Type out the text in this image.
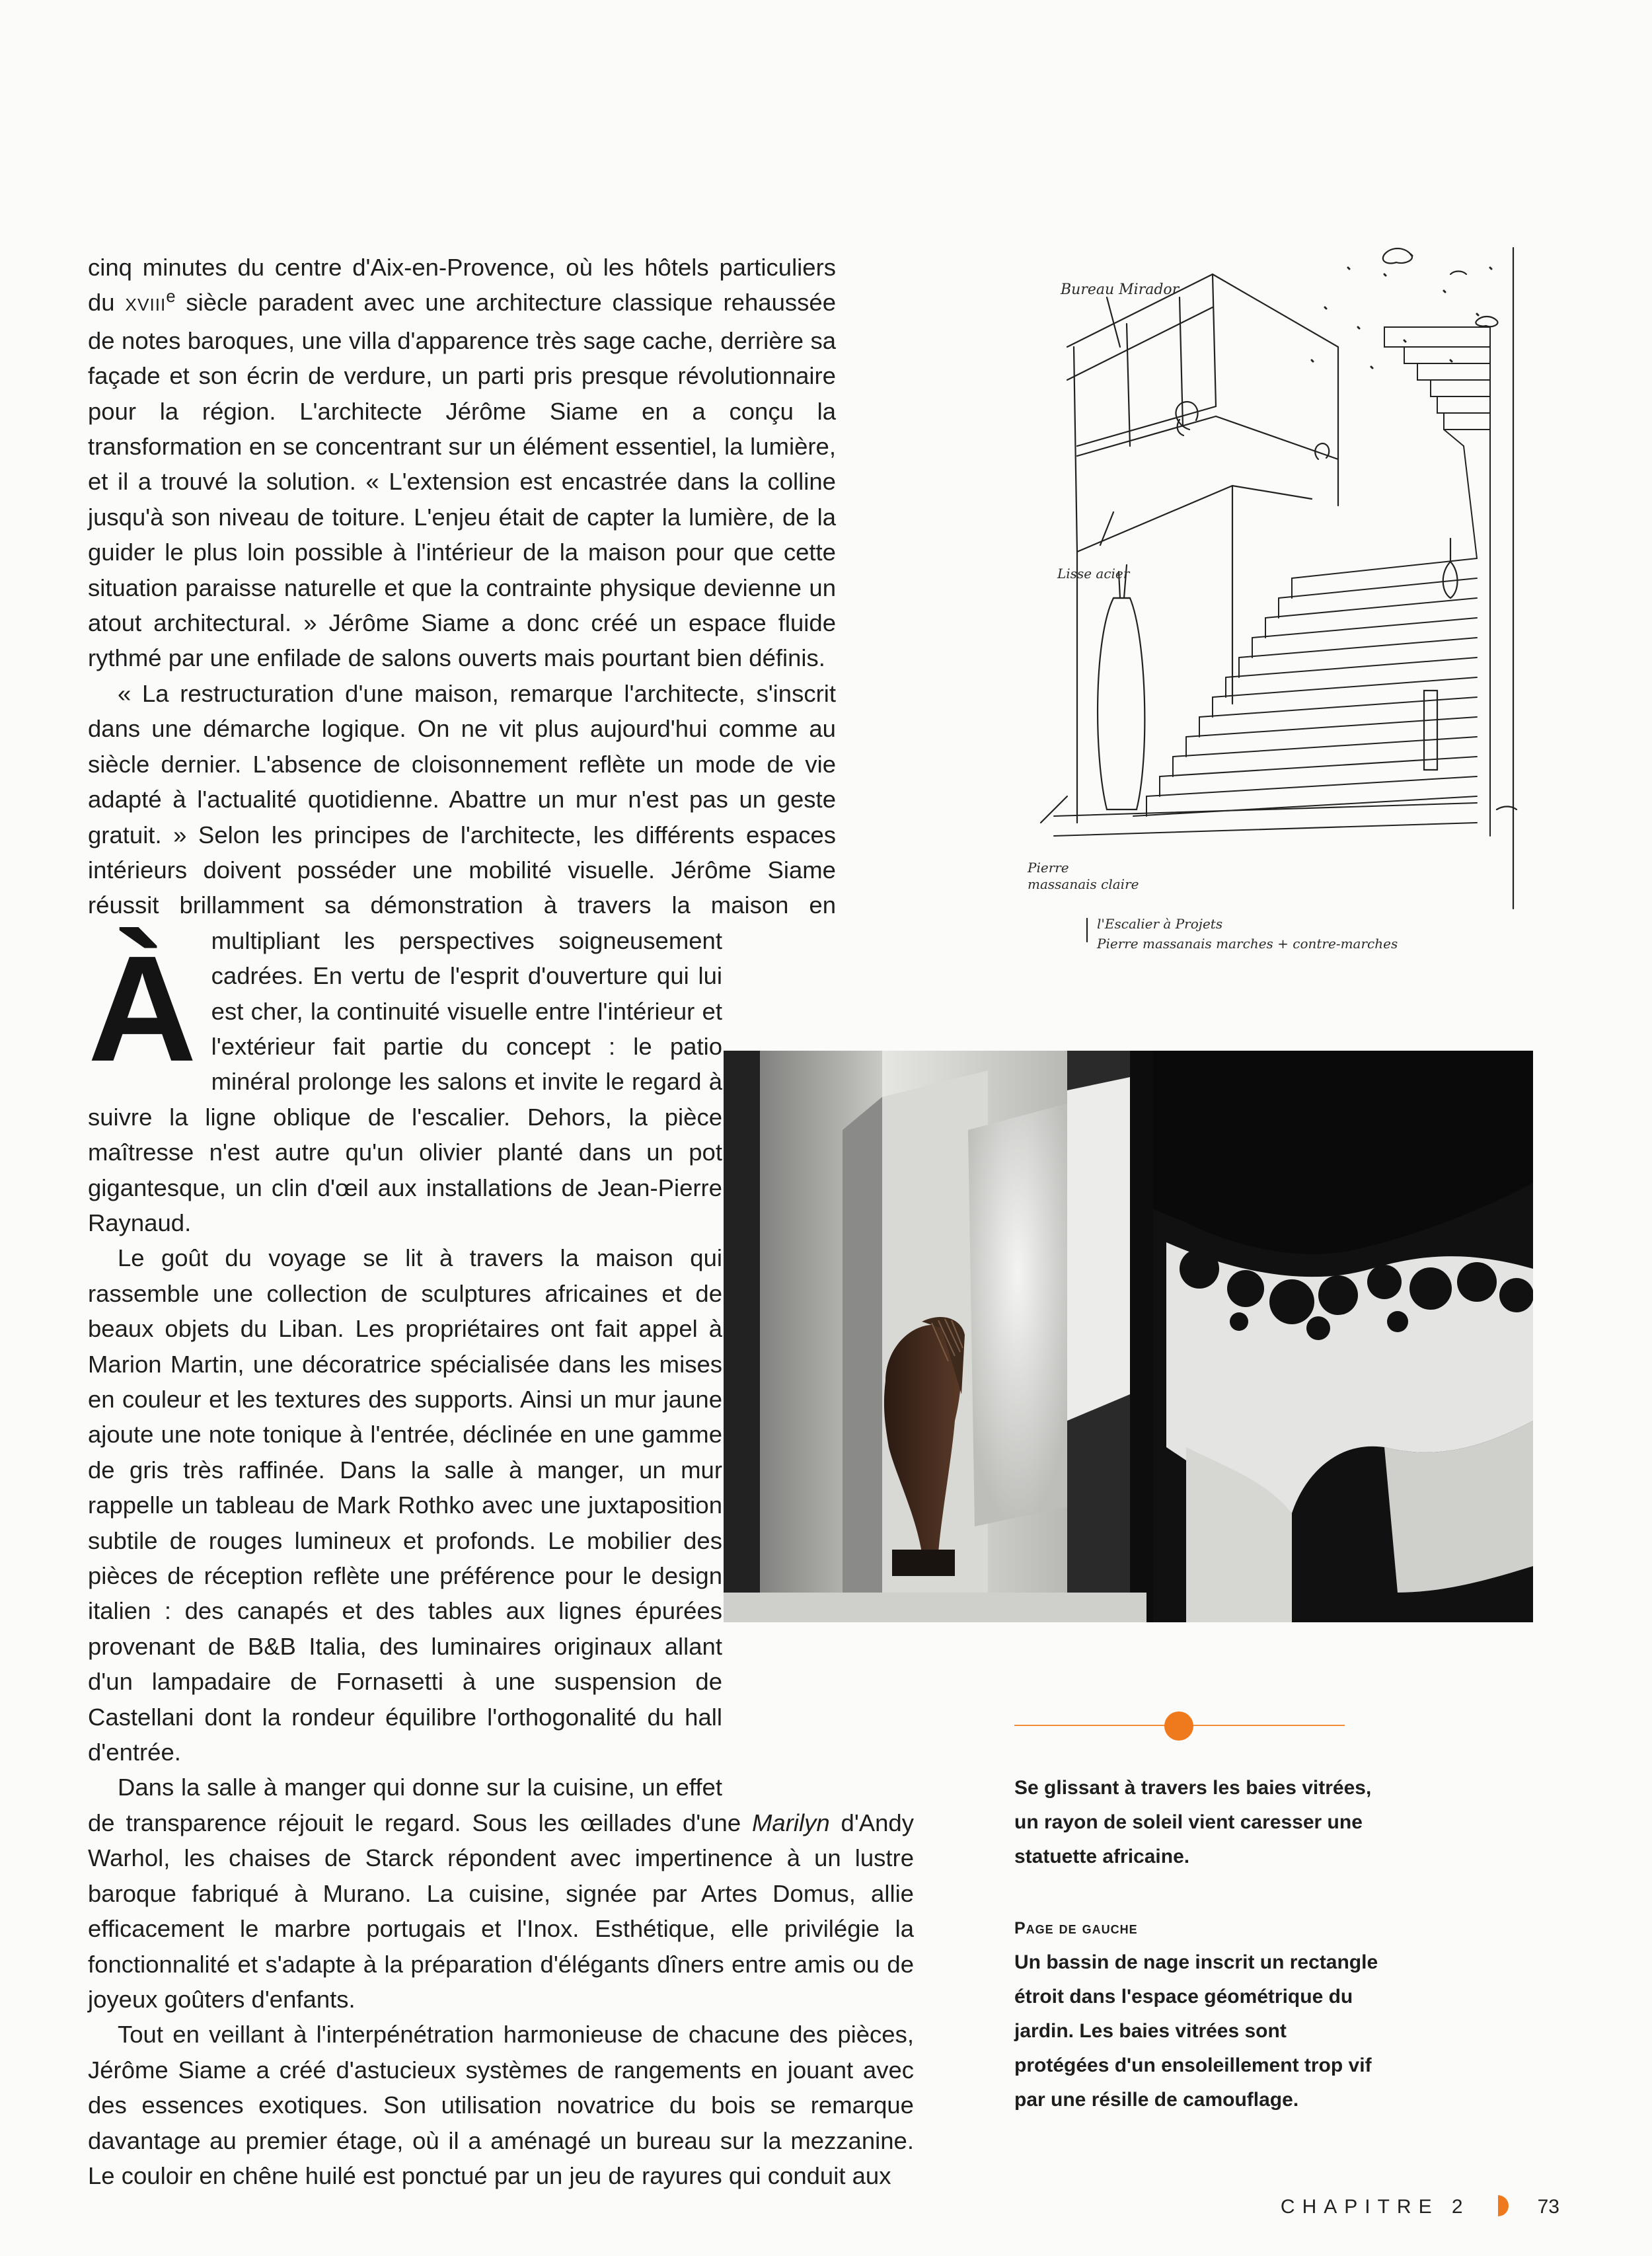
Bureau Mirador
Lisse acier
Pierre
massanais claire
l'Escalier à Projets
Pierre massanais marches + contre-marches
À

cinq minutes du centre d'Aix-en-Provence, où les hôtels particuliers du XVIIIe siècle paradent avec une architecture classique rehaussée de notes baroques, une villa d'apparence très sage cache, derrière sa façade et son écrin de verdure, un parti pris presque révolutionnaire pour la région. L'architecte Jérôme Siame en a conçu la transformation en se concentrant sur un élément essentiel, la lumière, et il a trouvé la solution. « L'extension est encastrée dans la colline jusqu'à son niveau de toiture. L'enjeu était de capter la lumière, de la guider le plus loin possible à l'intérieur de la maison pour que cette situation paraisse naturelle et que la contrainte physique devienne un atout architectural. » Jérôme Siame a donc créé un espace fluide rythmé par une enfilade de salons ouverts mais pourtant bien définis.

« La restructuration d'une maison, remarque l'architecte, s'inscrit dans une démarche logique. On ne vit plus aujourd'hui comme au siècle dernier. L'absence de cloisonnement reflète un mode de vie adapté à l'actualité quotidienne. Abattre un mur n'est pas un geste gratuit. » Selon les principes de l'architecte, les différents espaces intérieurs doivent posséder une mobilité visuelle. Jérôme Siame réussit brillamment sa démonstration à travers la maison en multipliant les perspectives soigneusement cadrées. En vertu de l'esprit d'ouverture qui lui est cher, la continuité visuelle entre l'intérieur et l'extérieur fait partie du concept : le patio minéral prolonge les salons et invite le regard à suivre la ligne oblique de l'escalier. Dehors, la pièce maîtresse n'est autre qu'un olivier planté dans un pot gigantesque, un clin d'œil aux installations de Jean-Pierre Raynaud.

Le goût du voyage se lit à travers la maison qui rassemble une collection de sculptures africaines et de beaux objets du Liban. Les propriétaires ont fait appel à Marion Martin, une décoratrice spécialisée dans les mises en couleur et les textures des supports. Ainsi un mur jaune ajoute une note tonique à l'entrée, déclinée en une gamme de gris très raffinée. Dans la salle à manger, un mur rappelle un tableau de Mark Rothko avec une juxtaposition subtile de rouges lumineux et profonds. Le mobilier des pièces de réception reflète une préférence pour le design italien : des canapés et des tables aux lignes épurées provenant de B&B Italia, des luminaires originaux allant d'un lampadaire de Fornasetti à une suspension de Castellani dont la rondeur équilibre l'orthogonalité du hall d'entrée.

Dans la salle à manger qui donne sur la cuisine, un effet de transparence réjouit le regard. Sous les œillades d'une Marilyn d'Andy Warhol, les chaises de Starck répondent avec impertinence à un lustre baroque fabriqué à Murano. La cuisine, signée par Artes Domus, allie efficacement le marbre portugais et l'Inox. Esthétique, elle privilégie la fonctionnalité et s'adapte à la préparation d'élégants dîners entre amis ou de joyeux goûters d'enfants.

Tout en veillant à l'interpénétration harmonieuse de chacune des pièces, Jérôme Siame a créé d'astucieux systèmes de rangements en jouant avec des essences exotiques. Son utilisation novatrice du bois se remarque davantage au premier étage, où il a aménagé un bureau sur la mezzanine. Le couloir en chêne huilé est ponctué par un jeu de rayures qui conduit aux

Se glissant à travers les baies vitrées, un rayon de soleil vient caresser une statuette africaine.

Page de gauche

Un bassin de nage inscrit un rectangle étroit dans l'espace géométrique du jardin. Les baies vitrées sont protégées d'un ensoleillement trop vif par une résille de camouflage.

CHAPITRE 2	73
